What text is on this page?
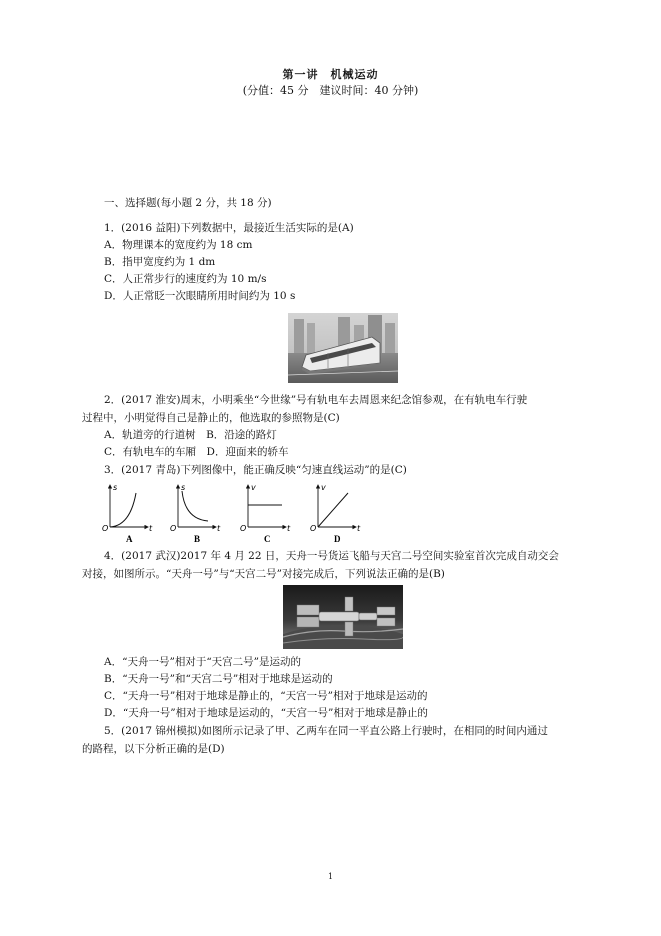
第一讲　机械运动
(分值：45 分　建议时间：40 分钟)
一、选择题(每小题 2 分，共 18 分)
1．(2016 益阳)下列数据中，最接近生活实际的是(A)
A．物理课本的宽度约为 18 cm
B．指甲宽度约为 1 dm
C．人正常步行的速度约为 10 m/s
D．人正常眨一次眼睛所用时间约为 10 s
2．(2017 淮安)周末，小明乘坐“今世缘”号有轨电车去周恩来纪念馆参观，在有轨电车行驶
过程中，小明觉得自己是静止的，他选取的参照物是(C)
A．轨道旁的行道树　B．沿途的路灯
C．有轨电车的车厢　D．迎面来的轿车
3．(2017 青岛)下列图像中，能正确反映“匀速直线运动”的是(C)
s
t
O
s
t
O
v
t
O
v
t
O
A	B	C	D
4．(2017 武汉)2017 年 4 月 22 日，天舟一号货运飞船与天宫二号空间实验室首次完成自动交会
对接，如图所示。“天舟一号”与“天宫二号”对接完成后，下列说法正确的是(B)
A．“天舟一号”相对于“天宫二号”是运动的
B．“天舟一号”和“天宫二号”相对于地球是运动的
C．“天舟一号”相对于地球是静止的，“天宫一号”相对于地球是运动的
D．“天舟一号”相对于地球是运动的，“天宫一号”相对于地球是静止的
5．(2017 锦州模拟)如图所示记录了甲、乙两车在同一平直公路上行驶时，在相同的时间内通过
的路程，以下分析正确的是(D)
1
